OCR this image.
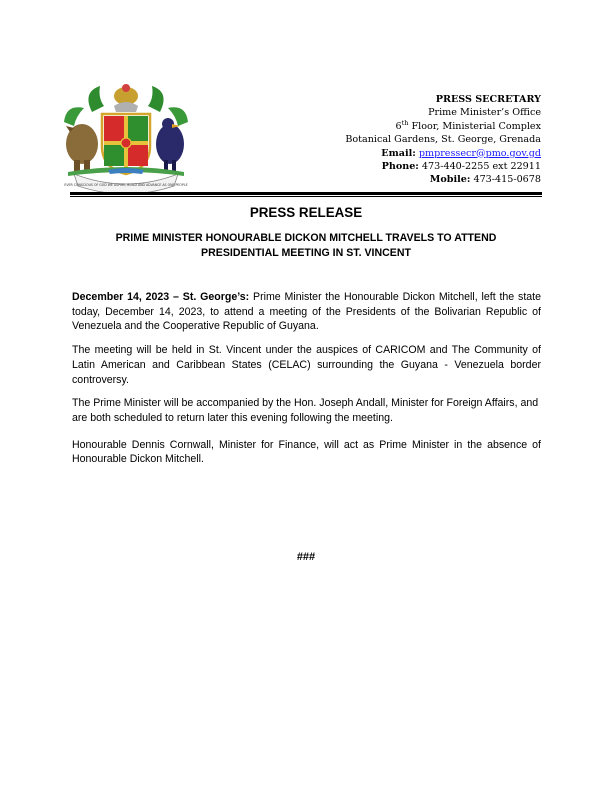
EVER CONSCIOUS OF GOD WE ASPIRE, BUILD AND ADVANCE AS ONE PEOPLE
PRESS SECRETARY
Prime Minister’s Office
6th Floor, Ministerial Complex
Botanical Gardens, St. George, Grenada
Email: pmpressecr@pmo.gov.gd
Phone: 473-440-2255 ext 22911
Mobile: 473-415-0678
PRESS RELEASE
PRIME MINISTER HONOURABLE DICKON MITCHELL TRAVELS TO ATTEND
PRESIDENTIAL MEETING IN ST. VINCENT

December 14, 2023 – St. George’s: Prime Minister the Honourable Dickon Mitchell, left the state today, December 14, 2023, to attend a meeting of the Presidents of the Bolivarian Republic of Venezuela and the Cooperative Republic of Guyana.

The meeting will be held in St. Vincent under the auspices of CARICOM and The Community of Latin American and Caribbean States (CELAC) surrounding the Guyana - Venezuela border controversy.

The Prime Minister will be accompanied by the Hon. Joseph Andall, Minister for Foreign Affairs, and are both scheduled to return later this evening following the meeting.

Honourable Dennis Cornwall, Minister for Finance, will act as Prime Minister in the absence of Honourable Dickon Mitchell.

###
